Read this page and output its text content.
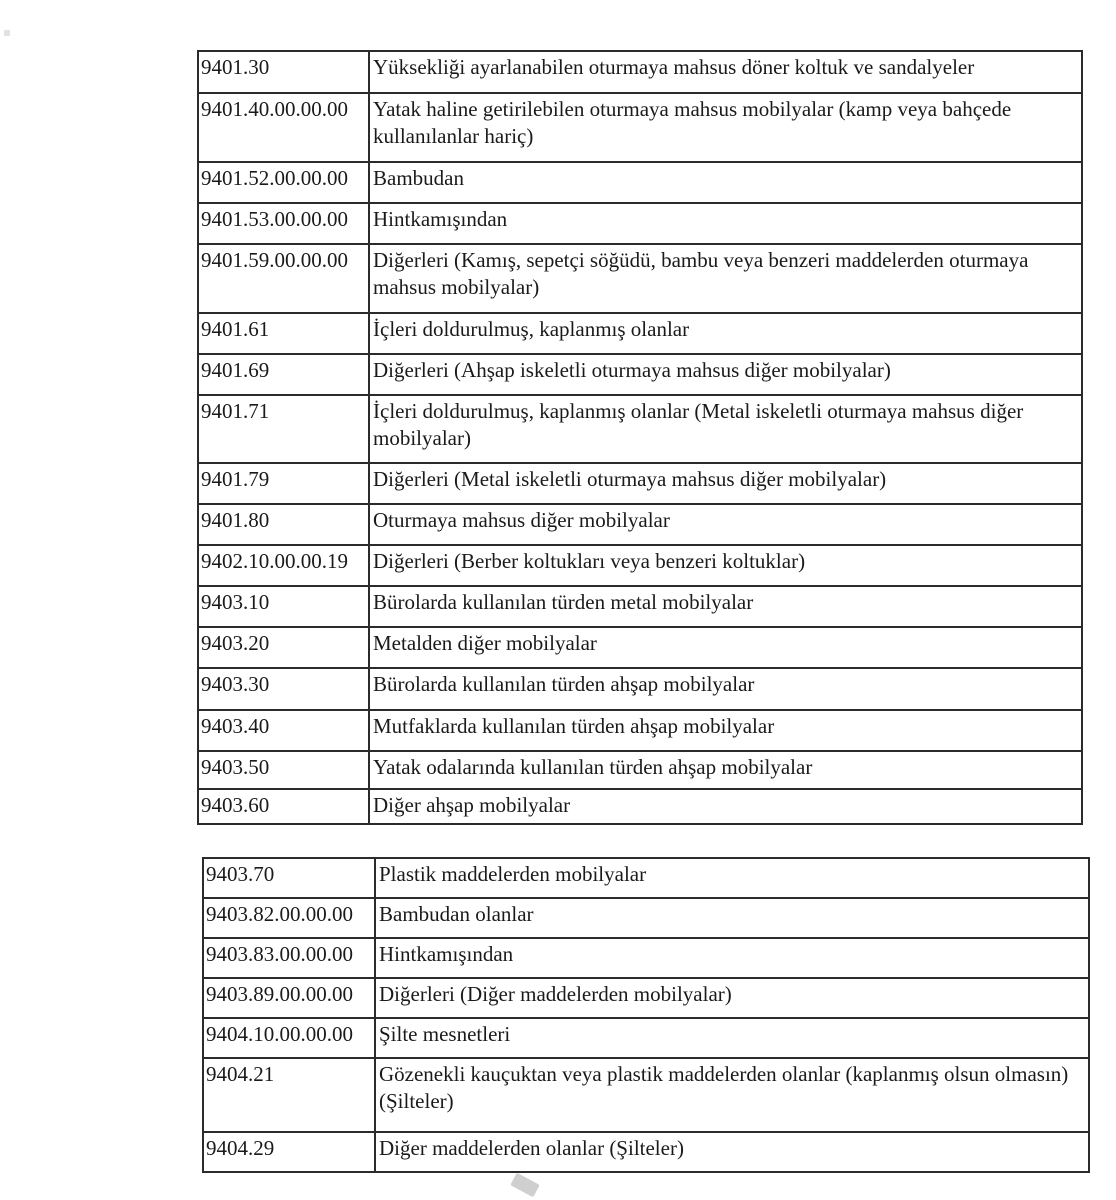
9401.30	Yüksekliği ayarlanabilen oturmaya mahsus döner koltuk ve sandalyeler
9401.40.00.00.00	Yatak haline getirilebilen oturmaya mahsus mobilyalar (kamp veya bahçede kullanılanlar hariç)
9401.52.00.00.00	Bambudan
9401.53.00.00.00	Hintkamışından
9401.59.00.00.00	Diğerleri (Kamış, sepetçi söğüdü, bambu veya benzeri maddelerden oturmaya mahsus mobilyalar)
9401.61	İçleri doldurulmuş, kaplanmış olanlar
9401.69	Diğerleri (Ahşap iskeletli oturmaya mahsus diğer mobilyalar)
9401.71	İçleri doldurulmuş, kaplanmış olanlar (Metal iskeletli oturmaya mahsus diğer mobilyalar)
9401.79	Diğerleri (Metal iskeletli oturmaya mahsus diğer mobilyalar)
9401.80	Oturmaya mahsus diğer mobilyalar
9402.10.00.00.19	Diğerleri (Berber koltukları veya benzeri koltuklar)
9403.10	Bürolarda kullanılan türden metal mobilyalar
9403.20	Metalden diğer mobilyalar
9403.30	Bürolarda kullanılan türden ahşap mobilyalar
9403.40	Mutfaklarda kullanılan türden ahşap mobilyalar
9403.50	Yatak odalarında kullanılan türden ahşap mobilyalar
9403.60	Diğer ahşap mobilyalar
9403.70	Plastik maddelerden mobilyalar
9403.82.00.00.00	Bambudan olanlar
9403.83.00.00.00	Hintkamışından
9403.89.00.00.00	Diğerleri (Diğer maddelerden mobilyalar)
9404.10.00.00.00	Şilte mesnetleri
9404.21	Gözenekli kauçuktan veya plastik maddelerden olanlar (kaplanmış olsun olmasın) (Şilteler)
9404.29	Diğer maddelerden olanlar (Şilteler)
